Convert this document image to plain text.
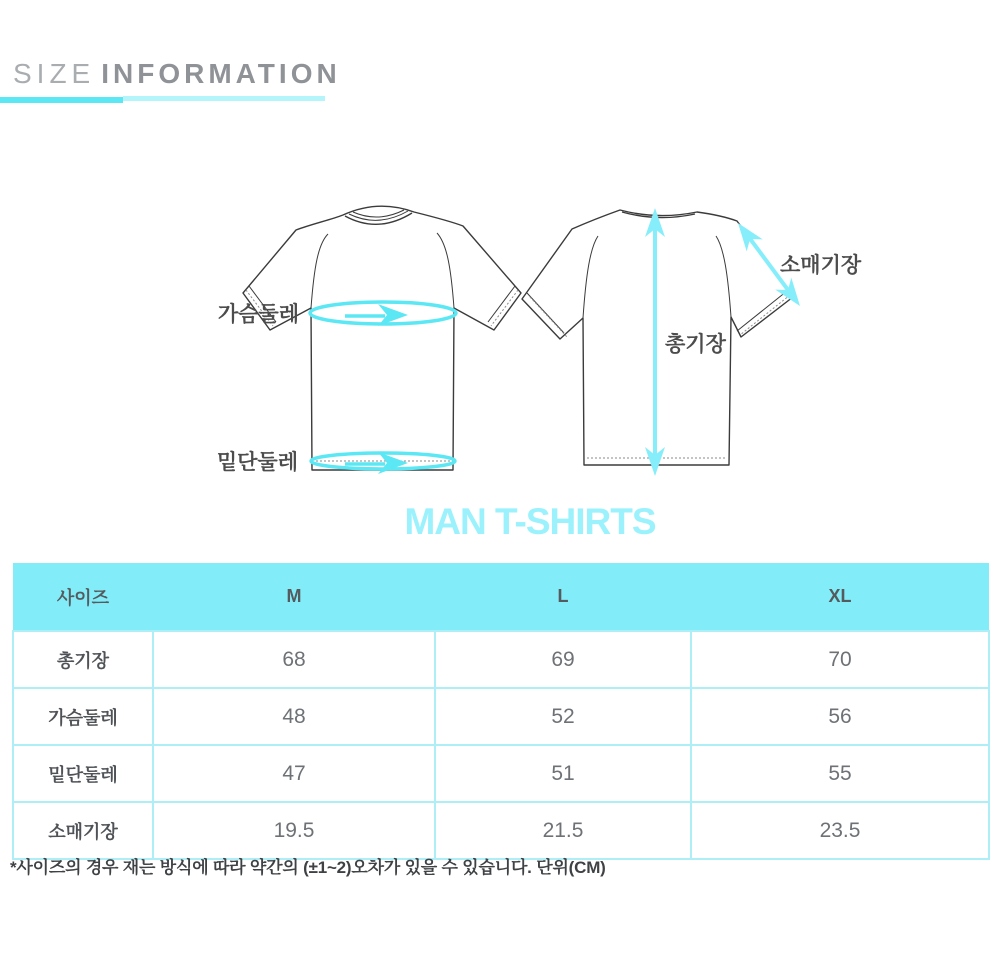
SIZE INFORMATION
가슴둘레
밑단둘레
총기장
소매기장
MAN T-SHIRTS
사이즈	M	L	XL
총기장	68	69	70
가슴둘레	48	52	56
밑단둘레	47	51	55
소매기장	19.5	21.5	23.5
*사이즈의 경우 재는 방식에 따라 약간의 (±1~2)오차가 있을 수 있습니다. 단위(CM)
